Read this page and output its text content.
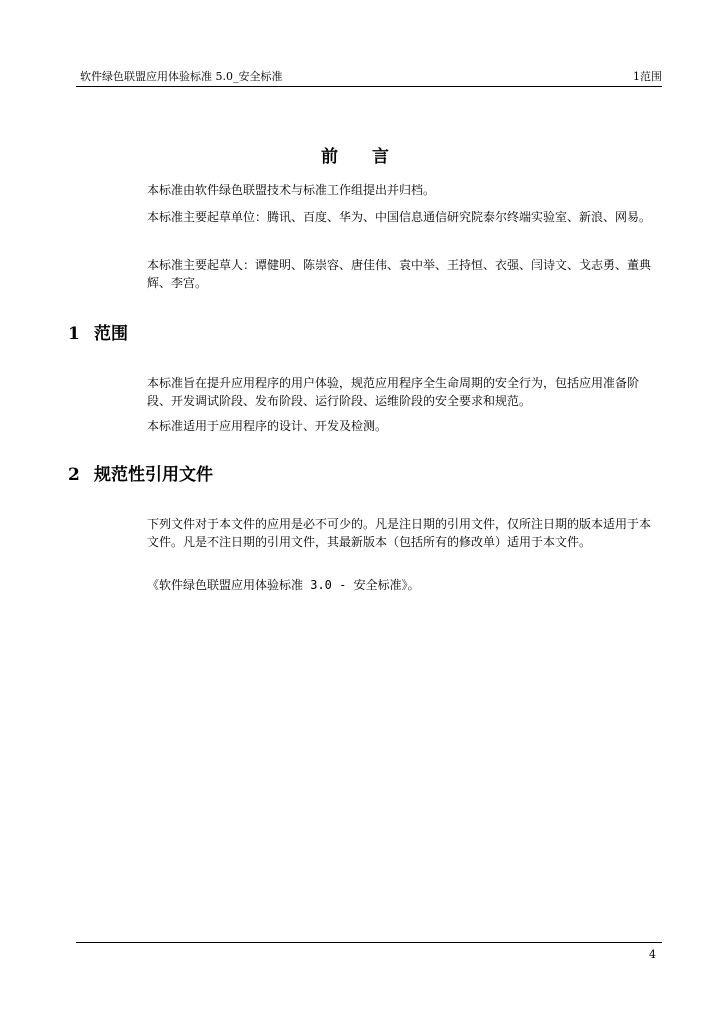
软件绿色联盟应用体验标准 5.0_安全标准	1范围
前 言

本标准由软件绿色联盟技术与标准工作组提出并归档。

本标准主要起草单位：腾讯、百度、华为、中国信息通信研究院泰尔终端实验室、新浪、网易。

本标准主要起草人：谭健明、陈崇容、唐佳伟、袁中举、王持恒、衣强、闫诗文、戈志勇、董典辉、李宫。

1 范围

本标准旨在提升应用程序的用户体验，规范应用程序全生命周期的安全行为，包括应用准备阶段、开发调试阶段、发布阶段、运行阶段、运维阶段的安全要求和规范。

本标准适用于应用程序的设计、开发及检测。

2 规范性引用文件

下列文件对于本文件的应用是必不可少的。凡是注日期的引用文件，仅所注日期的版本适用于本文件。凡是不注日期的引用文件，其最新版本（包括所有的修改单）适用于本文件。

《软件绿色联盟应用体验标准 3.0 - 安全标准》。

4
